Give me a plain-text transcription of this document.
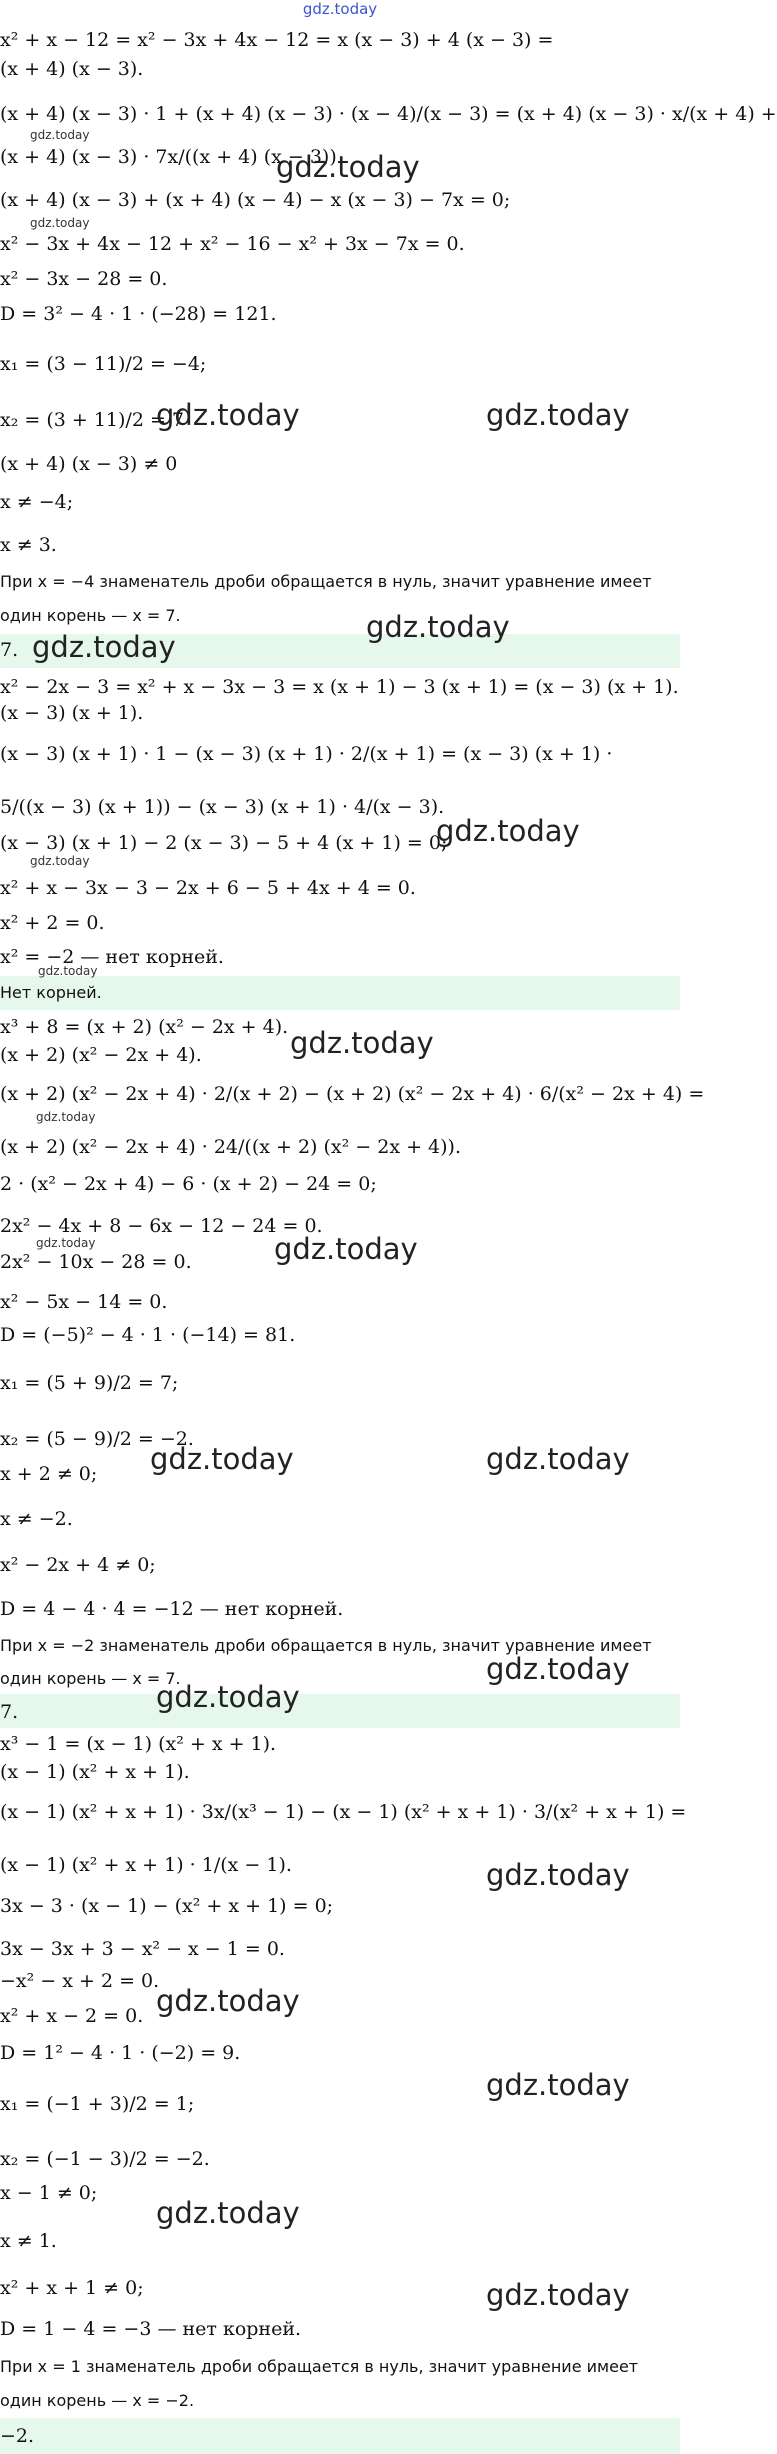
gdz.today
x² + x − 12 = x² − 3x + 4x − 12 = x (x − 3) + 4 (x − 3) =
(x + 4) (x − 3).
(x + 4) (x − 3) · 1 + (x + 4) (x − 3) · (x − 4)/(x − 3) = (x + 4) (x − 3) · x/(x + 4) +
(x + 4) (x − 3) · 7x/((x + 4) (x − 3))
(x + 4) (x − 3) + (x + 4) (x − 4) − x (x − 3) − 7x = 0;
x² − 3x + 4x − 12 + x² − 16 − x² + 3x − 7x = 0.
x² − 3x − 28 = 0.
D = 3² − 4 · 1 · (−28) = 121.
x₁ = (3 − 11)/2 = −4;
x₂ = (3 + 11)/2 = 7
(x + 4) (x − 3) ≠ 0
x ≠ −4;
x ≠ 3.
При x = −4 знаменатель дроби обращается в нуль, значит уравнение имеет
один корень — x = 7.
7.
x² − 2x − 3 = x² + x − 3x − 3 = x (x + 1) − 3 (x + 1) = (x − 3) (x + 1).
(x − 3) (x + 1).
(x − 3) (x + 1) · 1 − (x − 3) (x + 1) · 2/(x + 1) = (x − 3) (x + 1) ·
5/((x − 3) (x + 1)) − (x − 3) (x + 1) · 4/(x − 3).
(x − 3) (x + 1) − 2 (x − 3) − 5 + 4 (x + 1) = 0;
x² + x − 3x − 3 − 2x + 6 − 5 + 4x + 4 = 0.
x² + 2 = 0.
x² = −2 — нет корней.
Нет корней.
x³ + 8 = (x + 2) (x² − 2x + 4).
(x + 2) (x² − 2x + 4).
(x + 2) (x² − 2x + 4) · 2/(x + 2) − (x + 2) (x² − 2x + 4) · 6/(x² − 2x + 4) =
(x + 2) (x² − 2x + 4) · 24/((x + 2) (x² − 2x + 4)).
2 · (x² − 2x + 4) − 6 · (x + 2) − 24 = 0;
2x² − 4x + 8 − 6x − 12 − 24 = 0.
2x² − 10x − 28 = 0.
x² − 5x − 14 = 0.
D = (−5)² − 4 · 1 · (−14) = 81.
x₁ = (5 + 9)/2 = 7;
x₂ = (5 − 9)/2 = −2.
x + 2 ≠ 0;
x ≠ −2.
x² − 2x + 4 ≠ 0;
D = 4 − 4 · 4 = −12 — нет корней.
При x = −2 знаменатель дроби обращается в нуль, значит уравнение имеет
один корень — x = 7.
7.
x³ − 1 = (x − 1) (x² + x + 1).
(x − 1) (x² + x + 1).
(x − 1) (x² + x + 1) · 3x/(x³ − 1) − (x − 1) (x² + x + 1) · 3/(x² + x + 1) =
(x − 1) (x² + x + 1) · 1/(x − 1).
3x − 3 · (x − 1) − (x² + x + 1) = 0;
3x − 3x + 3 − x² − x − 1 = 0.
−x² − x + 2 = 0.
x² + x − 2 = 0.
D = 1² − 4 · 1 · (−2) = 9.
x₁ = (−1 + 3)/2 = 1;
x₂ = (−1 − 3)/2 = −2.
x − 1 ≠ 0;
x ≠ 1.
x² + x + 1 ≠ 0;
D = 1 − 4 = −3 — нет корней.
При x = 1 знаменатель дроби обращается в нуль, значит уравнение имеет
один корень — x = −2.
−2.
gdz.today
gdz.today	gdz.today
gdz.today
gdz.today
gdz.today
gdz.today
gdz.today
gdz.today	gdz.today
gdz.today
gdz.today
gdz.today
gdz.today
gdz.today
gdz.today
gdz.today
gdz.today
gdz.today
gdz.today
gdz.today
gdz.today
gdz.today
